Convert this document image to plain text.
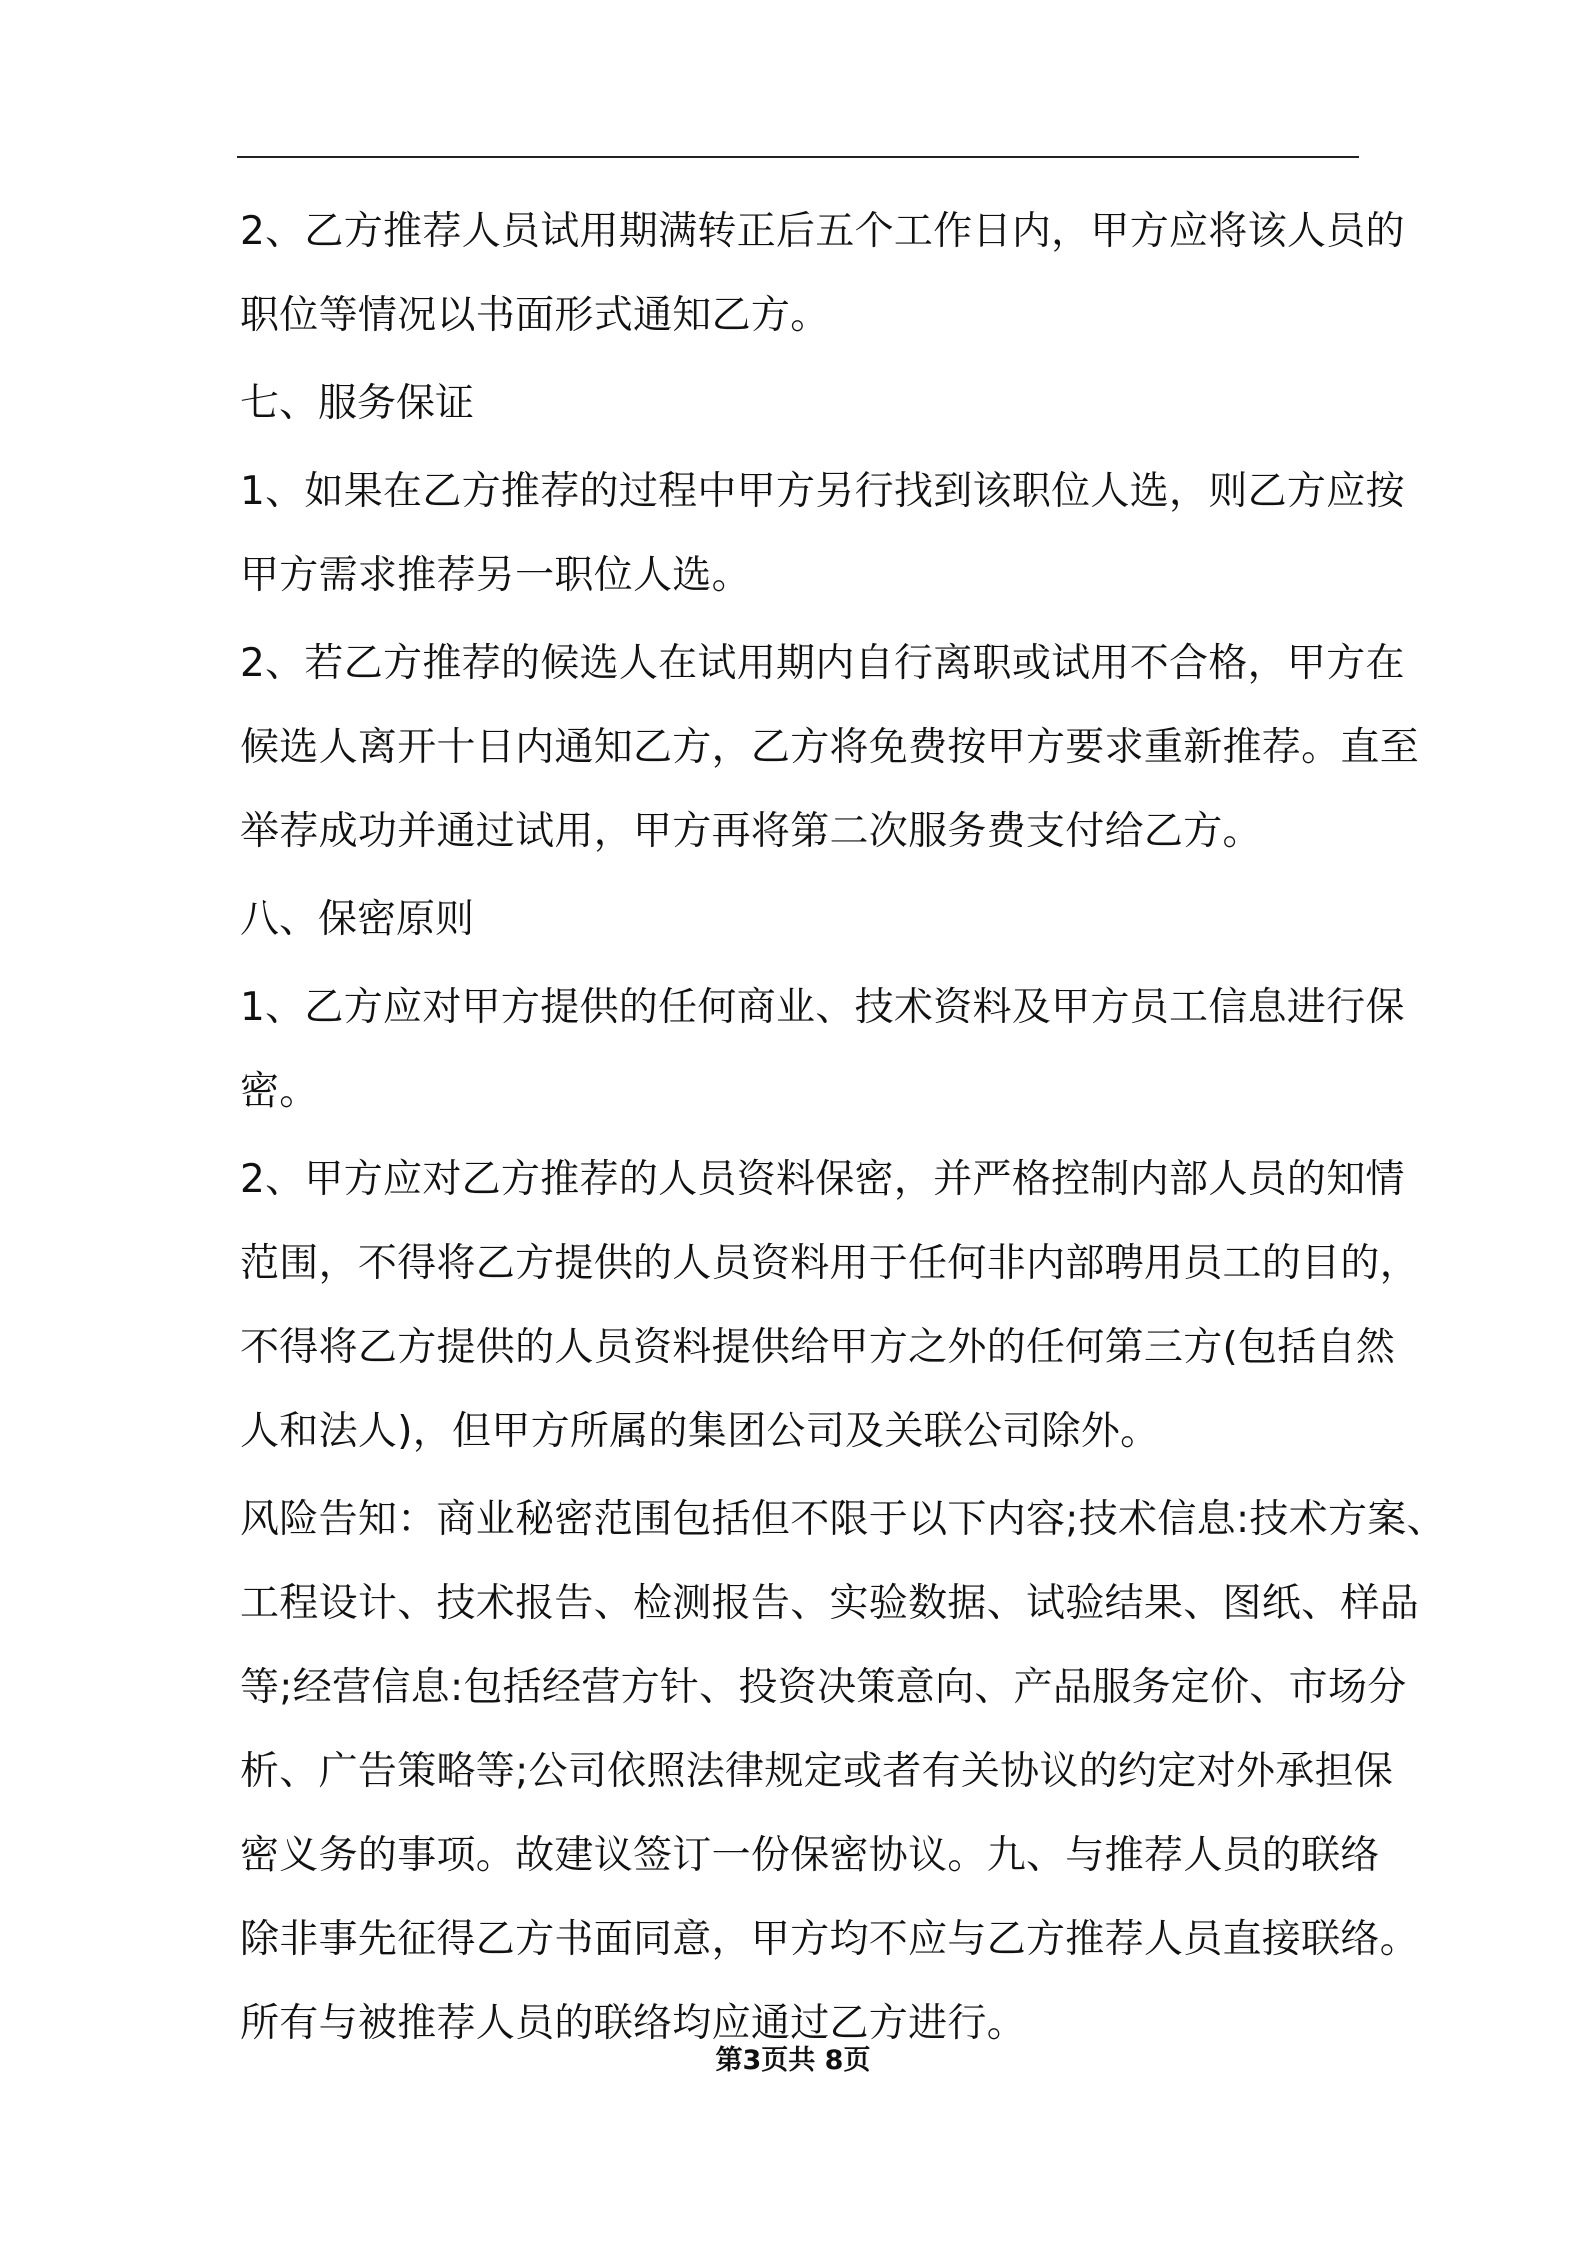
2、乙方推荐人员试用期满转正后五个工作日内，甲方应将该人员的
职位等情况以书面形式通知乙方。

七、服务保证

1、如果在乙方推荐的过程中甲方另行找到该职位人选，则乙方应按
甲方需求推荐另一职位人选。

2、若乙方推荐的候选人在试用期内自行离职或试用不合格，甲方在
候选人离开十日内通知乙方，乙方将免费按甲方要求重新推荐。直至
举荐成功并通过试用，甲方再将第二次服务费支付给乙方。

八、保密原则

1、乙方应对甲方提供的任何商业、技术资料及甲方员工信息进行保
密。

2、甲方应对乙方推荐的人员资料保密，并严格控制内部人员的知情
范围，不得将乙方提供的人员资料用于任何非内部聘用员工的目的，
不得将乙方提供的人员资料提供给甲方之外的任何第三方(包括自然
人和法人)，但甲方所属的集团公司及关联公司除外。

风险告知：商业秘密范围包括但不限于以下内容;技术信息:技术方案、
工程设计、技术报告、检测报告、实验数据、试验结果、图纸、样品
等;经营信息:包括经营方针、投资决策意向、产品服务定价、市场分
析、广告策略等;公司依照法律规定或者有关协议的约定对外承担保
密义务的事项。故建议签订一份保密协议。九、与推荐人员的联络
除非事先征得乙方书面同意，甲方均不应与乙方推荐人员直接联络。
所有与被推荐人员的联络均应通过乙方进行。

第3页共 8页
